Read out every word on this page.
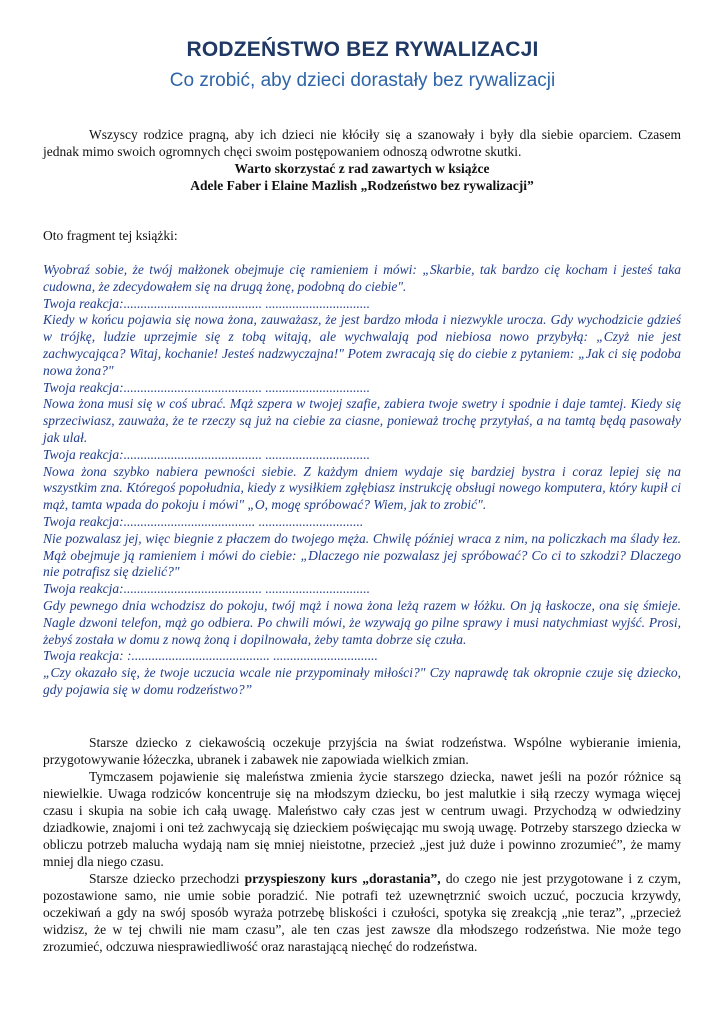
RODZEŃSTWO BEZ RYWALIZACJI
Co zrobić, aby dzieci dorastały bez rywalizacji

Wszyscy rodzice pragną, aby ich dzieci nie kłóciły się a szanowały i były dla siebie oparciem. Czasem jednak mimo swoich ogromnych chęci swoim postępowaniem odnoszą odwrotne skutki.

Warto skorzystać z rad zawartych w książce

Adele Faber i Elaine Mazlish „Rodzeństwo bez rywalizacji”

Oto fragment tej książki:

Wyobraź sobie, że twój małżonek obejmuje cię ramieniem i mówi: „Skarbie, tak bardzo cię kocham i jesteś taka cudowna, że zdecydowałem się na drugą żonę, podobną do ciebie".

Twoja reakcja:......................................... ...............................

Kiedy w końcu pojawia się nowa żona, zauważasz, że jest bardzo młoda i niezwykle urocza. Gdy wychodzicie gdzieś w trójkę, ludzie uprzejmie się z tobą witają, ale wychwalają pod niebiosa nowo przybyłą: „Czyż nie jest zachwycająca? Witaj, kochanie! Jesteś nadzwyczajna!" Potem zwracają się do ciebie z pytaniem: „Jak ci się podoba nowa żona?"

Twoja reakcja:......................................... ...............................

Nowa żona musi się w coś ubrać. Mąż szpera w twojej szafie, zabiera twoje swetry i spodnie i daje tamtej. Kiedy się sprzeciwiasz, zauważa, że te rzeczy są już na ciebie za ciasne, ponieważ trochę przytyłaś, a na tamtą będą pasowały jak ulał.

Twoja reakcja:......................................... ...............................

Nowa żona szybko nabiera pewności siebie. Z każdym dniem wydaje się bardziej bystra i coraz lepiej się na wszystkim zna. Któregoś popołudnia, kiedy z wysiłkiem zgłębiasz instrukcję obsługi nowego komputera, który kupił ci mąż, tamta wpada do pokoju i mówi" „O, mogę spróbować? Wiem, jak to zrobić".

Twoja reakcja:....................................... ...............................

Nie pozwalasz jej, więc biegnie z płaczem do twojego męża. Chwilę później wraca z nim, na policzkach ma ślady łez. Mąż obejmuje ją ramieniem i mówi do ciebie: „Dlaczego nie pozwalasz jej spróbować? Co ci to szkodzi? Dlaczego nie potrafisz się dzielić?"

Twoja reakcja:......................................... ...............................

Gdy pewnego dnia wchodzisz do pokoju, twój mąż i nowa żona leżą razem w łóżku. On ją łaskocze, ona się śmieje. Nagle dzwoni telefon, mąż go odbiera. Po chwili mówi, że wzywają go pilne sprawy i musi natychmiast wyjść. Prosi, żebyś została w domu z nową żoną i dopilnowała, żeby tamta dobrze się czuła.

Twoja reakcja: :......................................... ...............................

„Czy okazało się, że twoje uczucia wcale nie przypominały miłości?" Czy naprawdę tak okropnie czuje się dziecko, gdy pojawia się w domu rodzeństwo?”

Starsze dziecko z ciekawością oczekuje przyjścia na świat rodzeństwa. Wspólne wybieranie imienia, przygotowywanie łóżeczka, ubranek i zabawek nie zapowiada wielkich zmian.

Tymczasem pojawienie się maleństwa zmienia życie starszego dziecka, nawet jeśli na pozór różnice są niewielkie. Uwaga rodziców koncentruje się na młodszym dziecku, bo jest malutkie i siłą rzeczy wymaga więcej czasu i skupia na sobie ich całą uwagę. Maleństwo cały czas jest w centrum uwagi. Przychodzą w odwiedziny dziadkowie, znajomi i oni też zachwycają się dzieckiem poświęcając mu swoją uwagę. Potrzeby starszego dziecka w obliczu potrzeb malucha wydają nam się mniej nieistotne, przecież „jest już duże i powinno zrozumieć”, że mamy mniej dla niego czasu.

Starsze dziecko przechodzi przyspieszony kurs „dorastania”, do czego nie jest przygotowane i z czym, pozostawione samo, nie umie sobie poradzić. Nie potrafi też uzewnętrznić swoich uczuć, poczucia krzywdy, oczekiwań a gdy na swój sposób wyraża potrzebę bliskości i czułości, spotyka się zreakcją „nie teraz”, „przecież widzisz, że w tej chwili nie mam czasu”, ale ten czas jest zawsze dla młodszego rodzeństwa. Nie może tego zrozumieć, odczuwa niesprawiedliwość oraz narastającą niechęć do rodzeństwa.
